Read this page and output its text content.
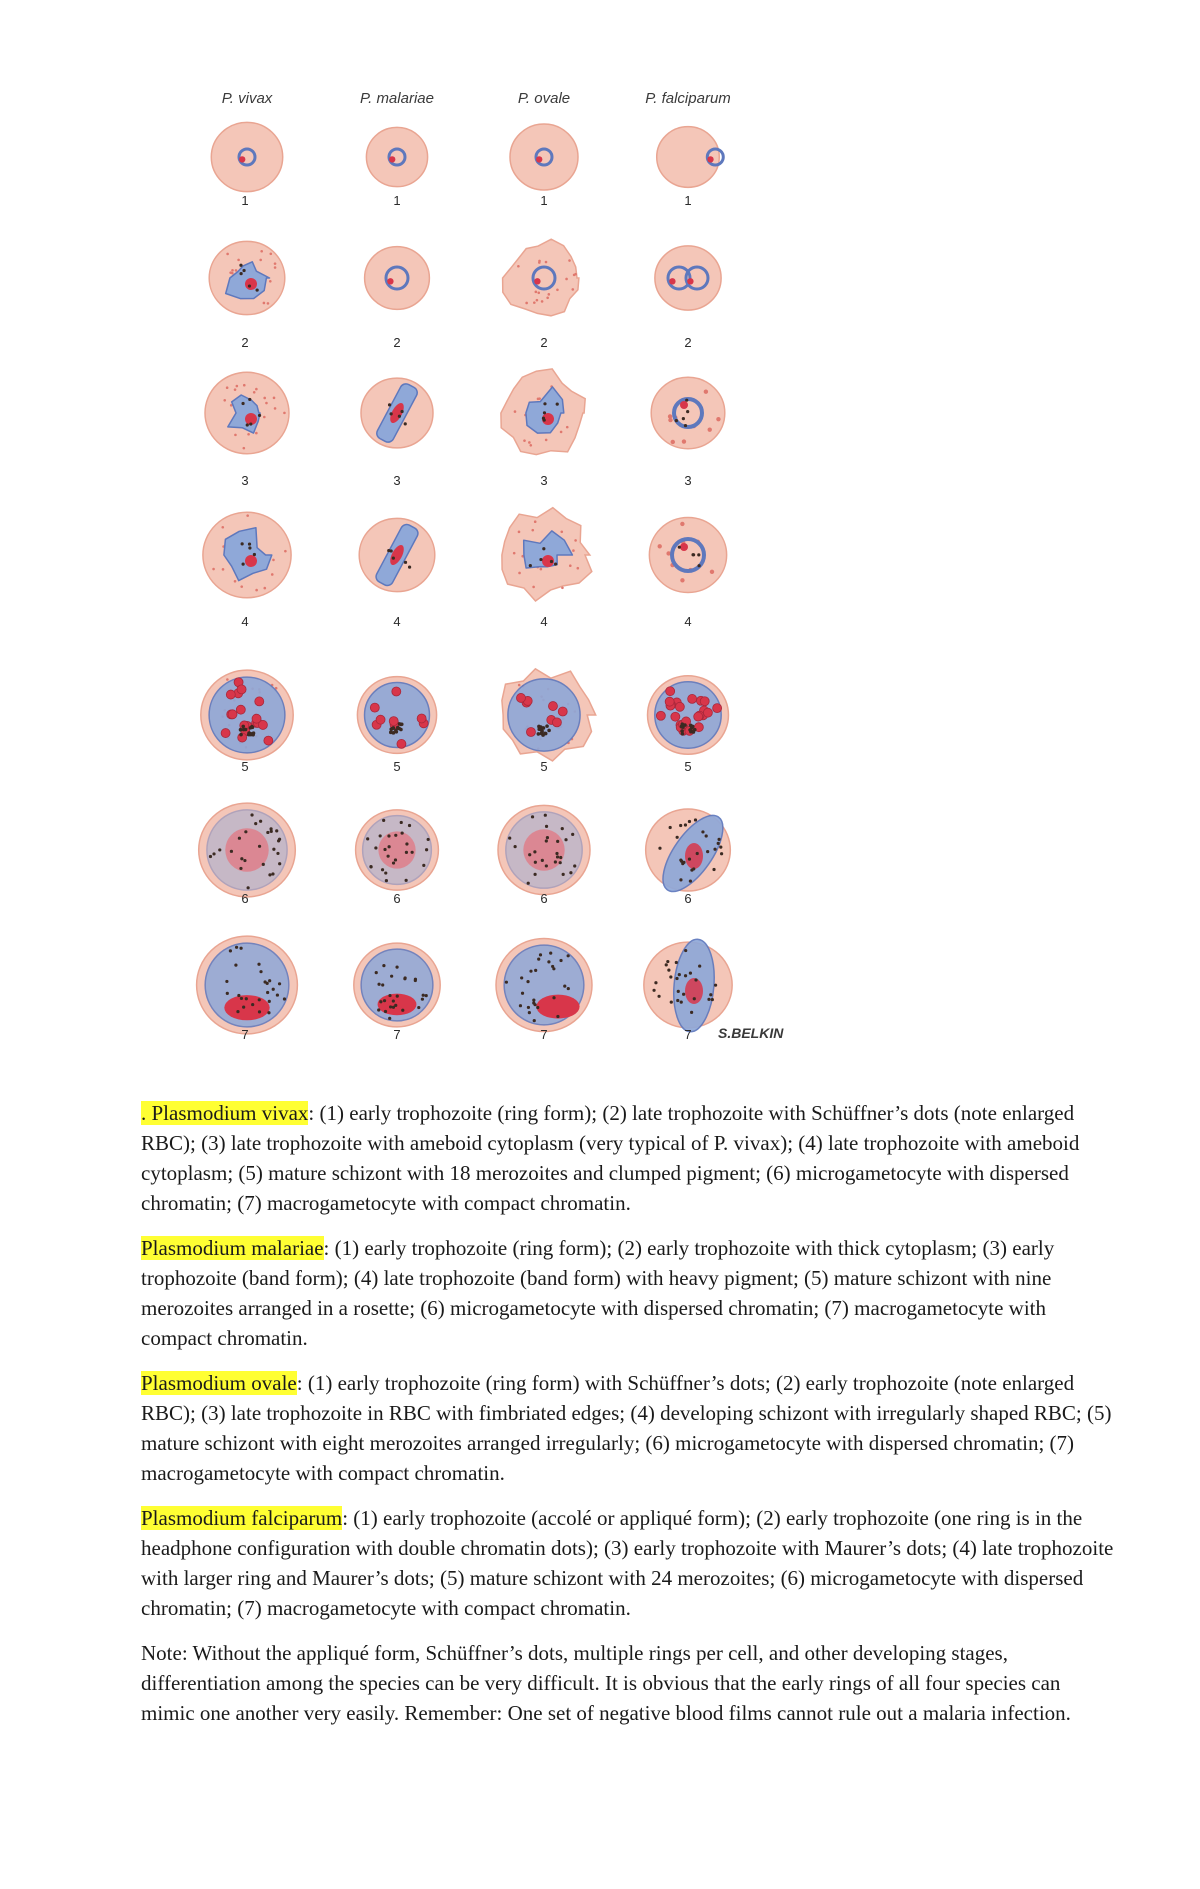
P. vivax	P. malariae	P. ovale	P. falciparum
1	1	1	1
2	2	2	2
3	3	3	3
4	4	4	4
5	5	5	5
6	6	6	6
7	7	7	7 S.BELKIN

. Plasmodium vivax: (1) early trophozoite (ring form); (2) late trophozoite with Schüffner’s dots (note enlarged RBC); (3) late trophozoite with ameboid cytoplasm (very typical of P. vivax); (4) late trophozoite with ameboid cytoplasm; (5) mature schizont with 18 merozoites and clumped pigment; (6) microgametocyte with dispersed chromatin; (7) macrogametocyte with compact chromatin.

Plasmodium malariae: (1) early trophozoite (ring form); (2) early trophozoite with thick cytoplasm; (3) early trophozoite (band form); (4) late trophozoite (band form) with heavy pigment; (5) mature schizont with nine merozoites arranged in a rosette; (6) microgametocyte with dispersed chromatin; (7) macrogametocyte with compact chromatin.

Plasmodium ovale: (1) early trophozoite (ring form) with Schüffner’s dots; (2) early trophozoite (note enlarged RBC); (3) late trophozoite in RBC with fimbriated edges; (4) developing schizont with irregularly shaped RBC; (5) mature schizont with eight merozoites arranged irregularly; (6) microgametocyte with dispersed chromatin; (7) macrogametocyte with compact chromatin.

Plasmodium falciparum: (1) early trophozoite (accolé or appliqué form); (2) early trophozoite (one ring is in the headphone configuration with double chromatin dots); (3) early trophozoite with Maurer’s dots; (4) late trophozoite with larger ring and Maurer’s dots; (5) mature schizont with 24 merozoites; (6) microgametocyte with dispersed chromatin; (7) macrogametocyte with compact chromatin.

Note: Without the appliqué form, Schüffner’s dots, multiple rings per cell, and other developing stages, differentiation among the species can be very difficult. It is obvious that the early rings of all four species can mimic one another very easily. Remember: One set of negative blood films cannot rule out a malaria infection.
